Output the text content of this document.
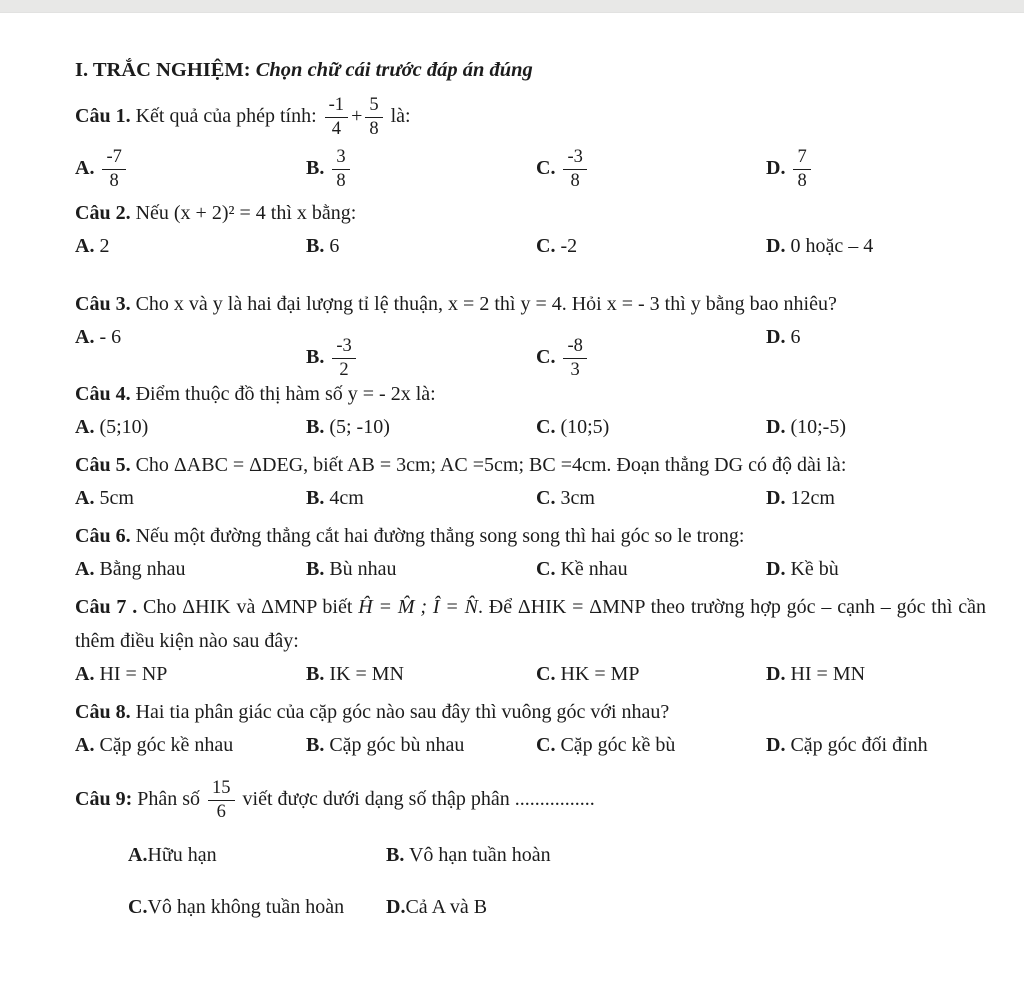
I. TRẮC NGHIỆM: Chọn chữ cái trước đáp án đúng
Câu 1. Kết quả của phép tính: $\frac{-1}{4} + \frac{5}{8}$ là:
A. $\frac{-7}{8}$	B. $\frac{3}{8}$	C. $\frac{-3}{8}$	D. $\frac{7}{8}$
Câu 2. Nếu (x + 2)² = 4 thì x bằng:
A. 2	B. 6	C. -2	D. 0 hoặc – 4
Câu 3. Cho x và y là hai đại lượng tỉ lệ thuận, x = 2 thì y = 4. Hỏi x = - 3 thì y bằng bao nhiêu?
A. - 6
B. $\frac{-3}{2}$	C. $\frac{-8}{3}$	D. 6
Câu 4. Điểm thuộc đồ thị hàm số y = - 2x là:
A. (5;10)	B. (5; -10)	C. (10;5)	D. (10;-5)
Câu 5. Cho ΔABC = ΔDEG, biết AB = 3cm; AC =5cm; BC =4cm. Đoạn thẳng DG có độ dài là:
A. 5cm	B. 4cm	C. 3cm	D. 12cm
Câu 6. Nếu một đường thẳng cắt hai đường thẳng song song thì hai góc so le trong:
A. Bằng nhau	B. Bù nhau	C. Kề nhau	D. Kề bù
Câu 7 . Cho ΔHIK và ΔMNP biết Ĥ = M̂ ; Î = N̂. Để ΔHIK = ΔMNP theo trường hợp góc – cạnh – góc thì cần thêm điều kiện nào sau đây:
A. HI = NP	B. IK = MN	C. HK = MP	D. HI = MN
Câu 8. Hai tia phân giác của cặp góc nào sau đây thì vuông góc với nhau?
A. Cặp góc kề nhau	B. Cặp góc bù nhau	C. Cặp góc kề bù	D. Cặp góc đối đỉnh
Câu 9: Phân số $\frac{15}{6}$ viết được dưới dạng số thập phân ................
A.Hữu hạn	B. Vô hạn tuần hoàn
C.Vô hạn không tuần hoàn	D.Cả A và B
